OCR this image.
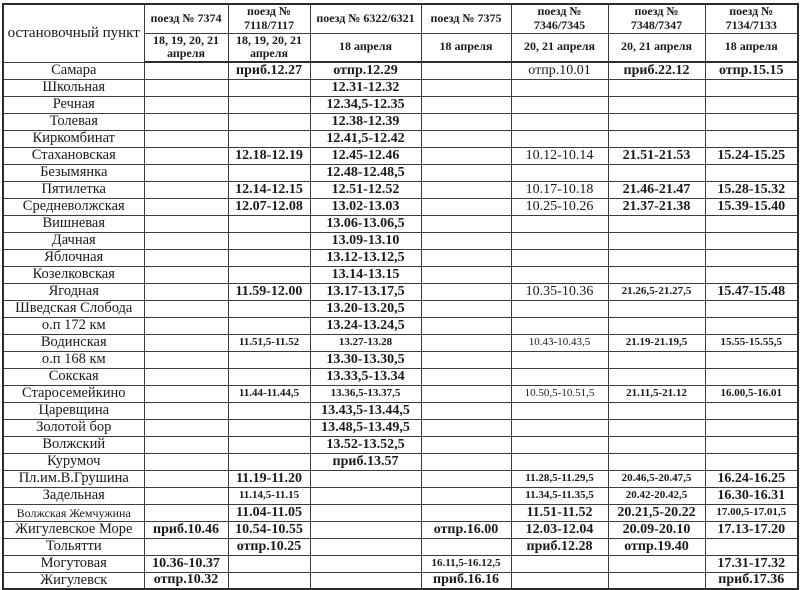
остановочный пункт	поезд № 7374	поезд № 7118/7117	поезд № 6322/6321	поезд № 7375	поезд № 7346/7345	поезд № 7348/7347	поезд № 7134/7133
	18, 19, 20, 21 апреля	18, 19, 20, 21 апреля	18 апреля	18 апреля	20, 21 апреля	20, 21 апреля	18 апреля
Самара		приб.12.27	отпр.12.29		отпр.10.01	приб.22.12	отпр.15.15
Школьная			12.31-12.32				
Речная			12.34,5-12.35				
Толевая			12.38-12.39				
Киркомбинат			12.41,5-12.42				
Стахановская		12.18-12.19	12.45-12.46		10.12-10.14	21.51-21.53	15.24-15.25
Безымянка			12.48-12.48,5				
Пятилетка		12.14-12.15	12.51-12.52		10.17-10.18	21.46-21.47	15.28-15.32
Средневолжская		12.07-12.08	13.02-13.03		10.25-10.26	21.37-21.38	15.39-15.40
Вишневая			13.06-13.06,5				
Дачная			13.09-13.10				
Яблочная			13.12-13.12,5				
Козелковская			13.14-13.15				
Ягодная		11.59-12.00	13.17-13.17,5		10.35-10.36	21.26,5-21.27,5	15.47-15.48
Шведская Слобода			13.20-13.20,5				
о.п 172 км			13.24-13.24,5				
Водинская		11.51,5-11.52	13.27-13.28		10.43-10.43,5	21.19-21.19,5	15.55-15.55,5
о.п 168 км			13.30-13.30,5				
Сокская			13.33,5-13.34				
Старосемейкино		11.44-11.44,5	13.36,5-13.37,5		10.50,5-10.51,5	21.11,5-21.12	16.00,5-16.01
Царевщина			13.43,5-13.44,5				
Золотой бор			13.48,5-13.49,5				
Волжский			13.52-13.52,5				
Курумоч			приб.13.57				
Пл.им.В.Грушина		11.19-11.20			11.28,5-11.29,5	20.46,5-20.47,5	16.24-16.25
Задельная		11.14,5-11.15			11.34,5-11.35,5	20.42-20.42,5	16.30-16.31
Волжская Жемчужина		11.04-11.05			11.51-11.52	20.21,5-20.22	17.00,5-17.01,5
Жигулевское Море	приб.10.46	10.54-10.55		отпр.16.00	12.03-12.04	20.09-20.10	17.13-17.20
Тольятти		отпр.10.25			приб.12.28	отпр.19.40	
Могутовая	10.36-10.37			16.11,5-16.12,5			17.31-17.32
Жигулевск	отпр.10.32			приб.16.16			приб.17.36
